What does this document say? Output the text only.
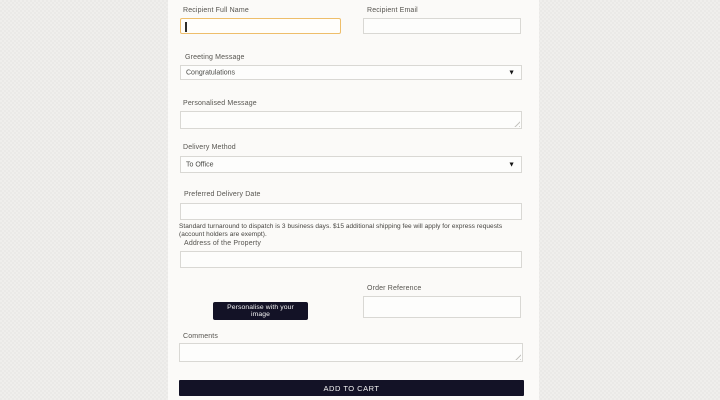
Recipient Full Name	Recipient Email
Greeting Message
Congratulations	▼
Personalised Message
Delivery Method
To Office	▼
Preferred Delivery Date
Standard turnaround to dispatch is 3 business days. $15 additional shipping fee will apply for express requests (account holders are exempt).
Address of the Property
Order Reference
Personalise with your image
Comments
ADD TO CART
